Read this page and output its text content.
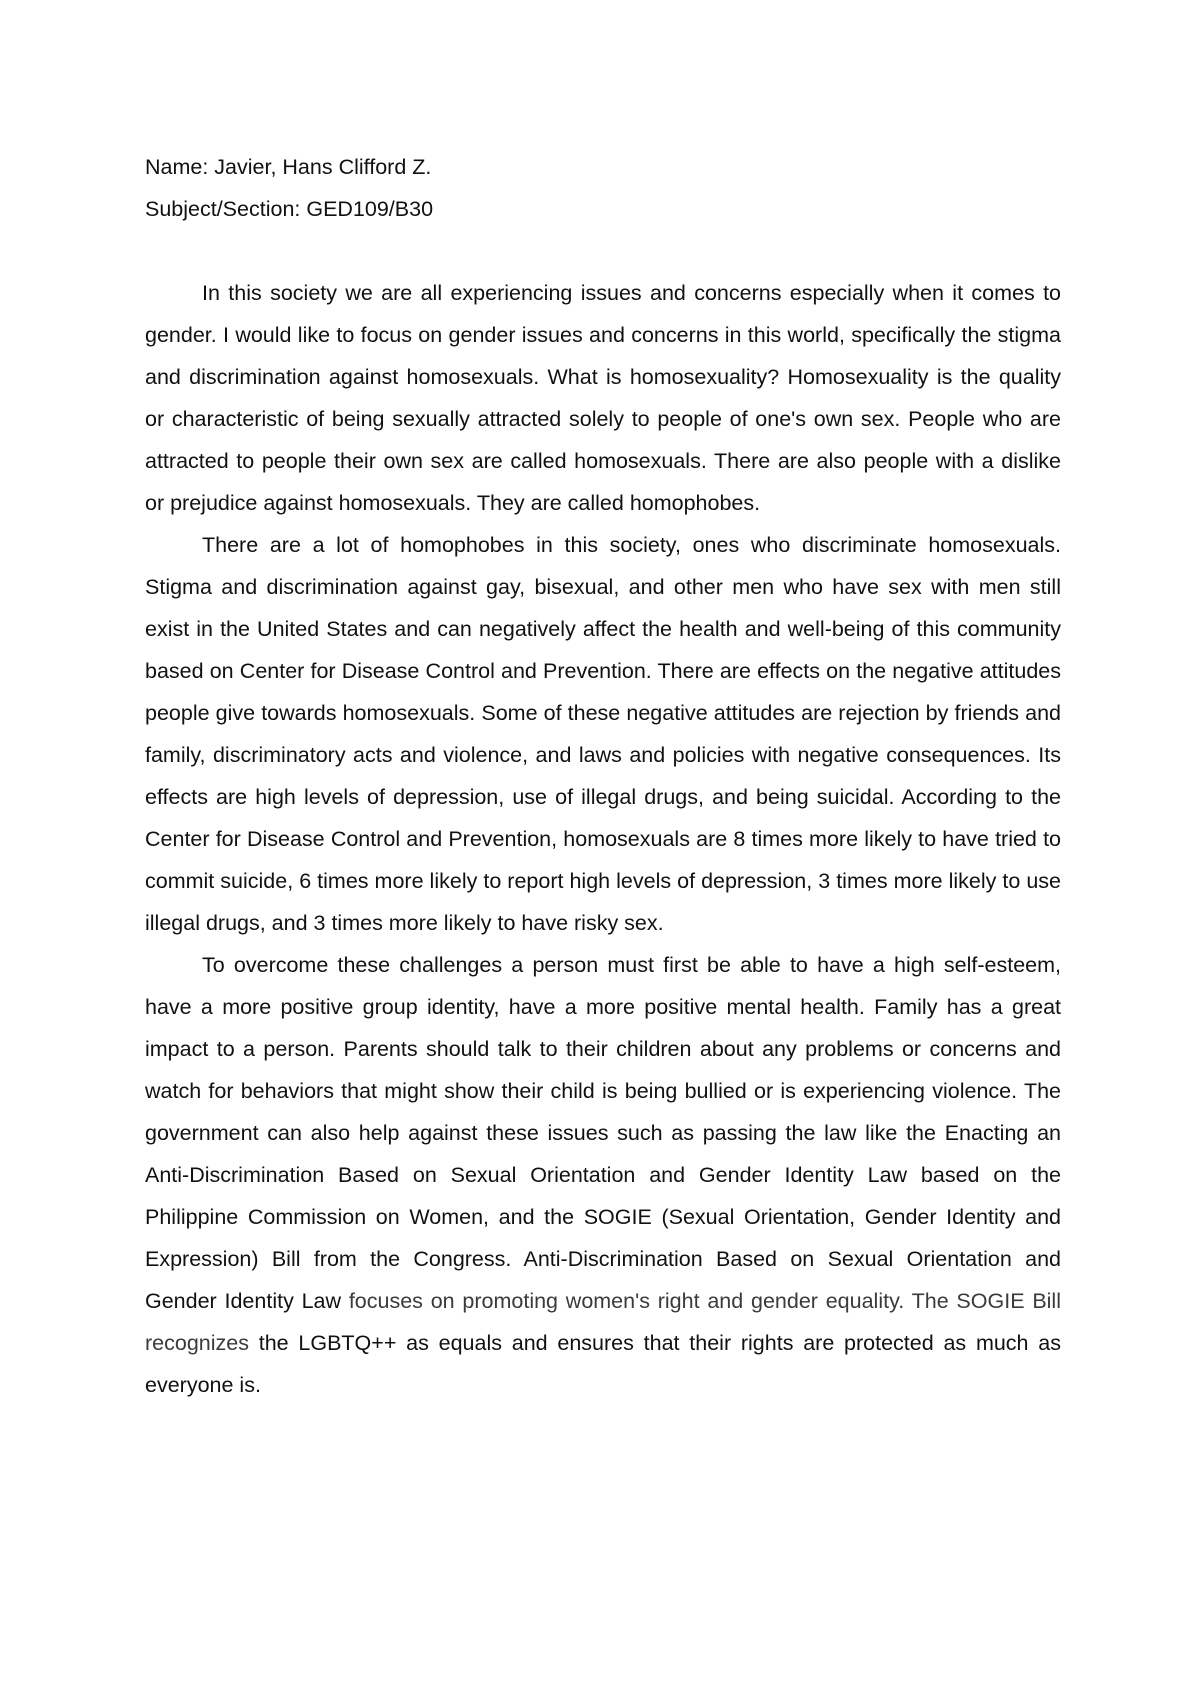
Name: Javier, Hans Clifford Z.

Subject/Section: GED109/B30

In this society we are all experiencing issues and concerns especially when it comes to gender. I would like to focus on gender issues and concerns in this world, specifically the stigma and discrimination against homosexuals. What is homosexuality? Homosexuality is the quality or characteristic of being sexually attracted solely to people of one's own sex. People who are attracted to people their own sex are called homosexuals. There are also people with a dislike or prejudice against homosexuals. They are called homophobes.

There are a lot of homophobes in this society, ones who discriminate homosexuals. Stigma and discrimination against gay, bisexual, and other men who have sex with men still exist in the United States and can negatively affect the health and well-being of this community based on Center for Disease Control and Prevention. There are effects on the negative attitudes people give towards homosexuals. Some of these negative attitudes are rejection by friends and family, discriminatory acts and violence, and laws and policies with negative consequences. Its effects are high levels of depression, use of illegal drugs, and being suicidal. According to the Center for Disease Control and Prevention, homosexuals are 8 times more likely to have tried to commit suicide, 6 times more likely to report high levels of depression, 3 times more likely to use illegal drugs, and 3 times more likely to have risky sex.

To overcome these challenges a person must first be able to have a high self-esteem, have a more positive group identity, have a more positive mental health. Family has a great impact to a person. Parents should talk to their children about any problems or concerns and watch for behaviors that might show their child is being bullied or is experiencing violence. The government can also help against these issues such as passing the law like the Enacting an Anti-Discrimination Based on Sexual Orientation and Gender Identity Law based on the Philippine Commission on Women, and the SOGIE (Sexual Orientation, Gender Identity and Expression) Bill from the Congress. Anti-Discrimination Based on Sexual Orientation and Gender Identity Law focuses on promoting women's right and gender equality. The SOGIE Bill recognizes the LGBTQ++ as equals and ensures that their rights are protected as much as everyone is.
